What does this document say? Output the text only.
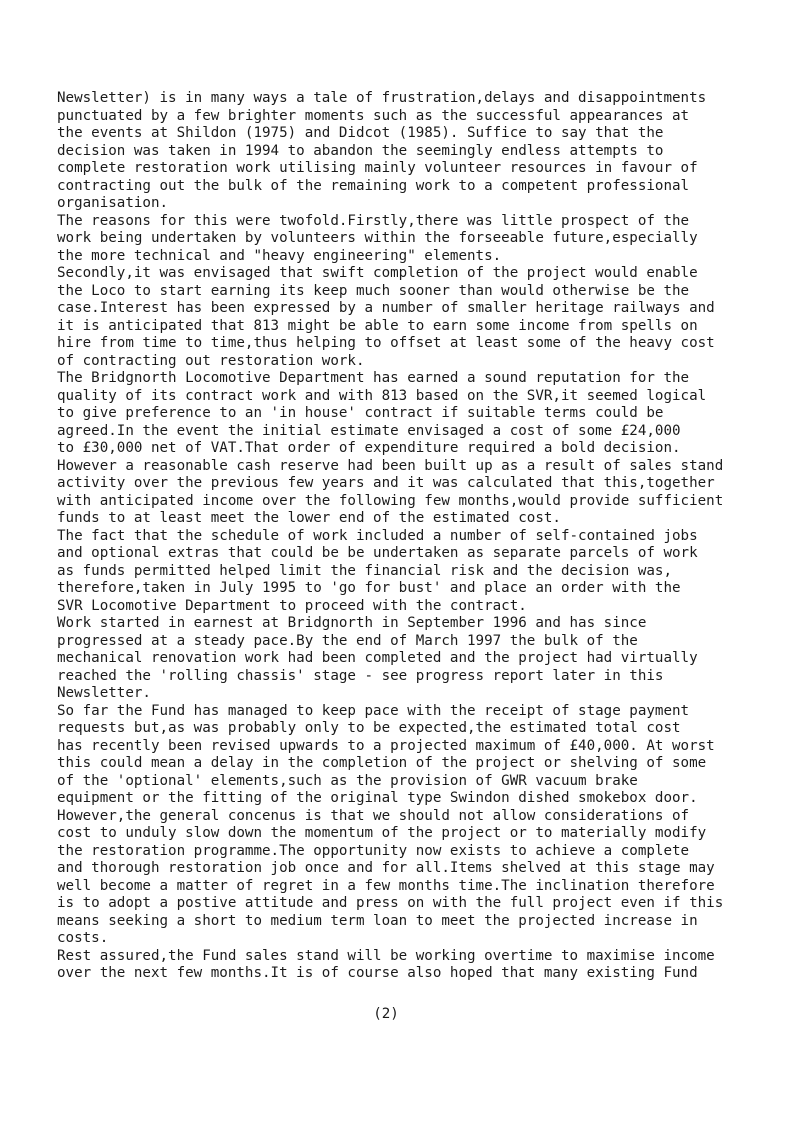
Newsletter) is in many ways a tale of frustration,delays and disappointments
punctuated by a few brighter moments such as the successful appearances at
the events at Shildon (1975) and Didcot (1985). Suffice to say that the
decision was taken in 1994 to abandon the seemingly endless attempts to
complete restoration work utilising mainly volunteer resources in favour of
contracting out the bulk of the remaining work to a competent professional
organisation.
The reasons for this were twofold.Firstly,there was little prospect of the
work being undertaken by volunteers within the forseeable future,especially
the more technical and "heavy engineering" elements.
Secondly,it was envisaged that swift completion of the project would enable
the Loco to start earning its keep much sooner than would otherwise be the
case.Interest has been expressed by a number of smaller heritage railways and
it is anticipated that 813 might be able to earn some income from spells on
hire from time to time,thus helping to offset at least some of the heavy cost
of contracting out restoration work.
The Bridgnorth Locomotive Department has earned a sound reputation for the
quality of its contract work and with 813 based on the SVR,it seemed logical
to give preference to an 'in house' contract if suitable terms could be
agreed.In the event the initial estimate envisaged a cost of some £24,000
to £30,000 net of VAT.That order of expenditure required a bold decision.
However a reasonable cash reserve had been built up as a result of sales stand
activity over the previous few years and it was calculated that this,together
with anticipated income over the following few months,would provide sufficient
funds to at least meet the lower end of the estimated cost.
The fact that the schedule of work included a number of self-contained jobs
and optional extras that could be be undertaken as separate parcels of work
as funds permitted helped limit the financial risk and the decision was,
therefore,taken in July 1995 to 'go for bust' and place an order with the
SVR Locomotive Department to proceed with the contract.
Work started in earnest at Bridgnorth in September 1996 and has since
progressed at a steady pace.By the end of March 1997 the bulk of the
mechanical renovation work had been completed and the project had virtually
reached the 'rolling chassis' stage - see progress report later in this
Newsletter.
So far the Fund has managed to keep pace with the receipt of stage payment
requests but,as was probably only to be expected,the estimated total cost
has recently been revised upwards to a projected maximum of £40,000. At worst
this could mean a delay in the completion of the project or shelving of some
of the 'optional' elements,such as the provision of GWR vacuum brake
equipment or the fitting of the original type Swindon dished smokebox door.
However,the general concenus is that we should not allow considerations of
cost to unduly slow down the momentum of the project or to materially modify
the restoration programme.The opportunity now exists to achieve a complete
and thorough restoration job once and for all.Items shelved at this stage may
well become a matter of regret in a few months time.The inclination therefore
is to adopt a postive attitude and press on with the full project even if this
means seeking a short to medium term loan to meet the projected increase in
costs.
Rest assured,the Fund sales stand will be working overtime to maximise income
over the next few months.It is of course also hoped that many existing Fund
(2)
